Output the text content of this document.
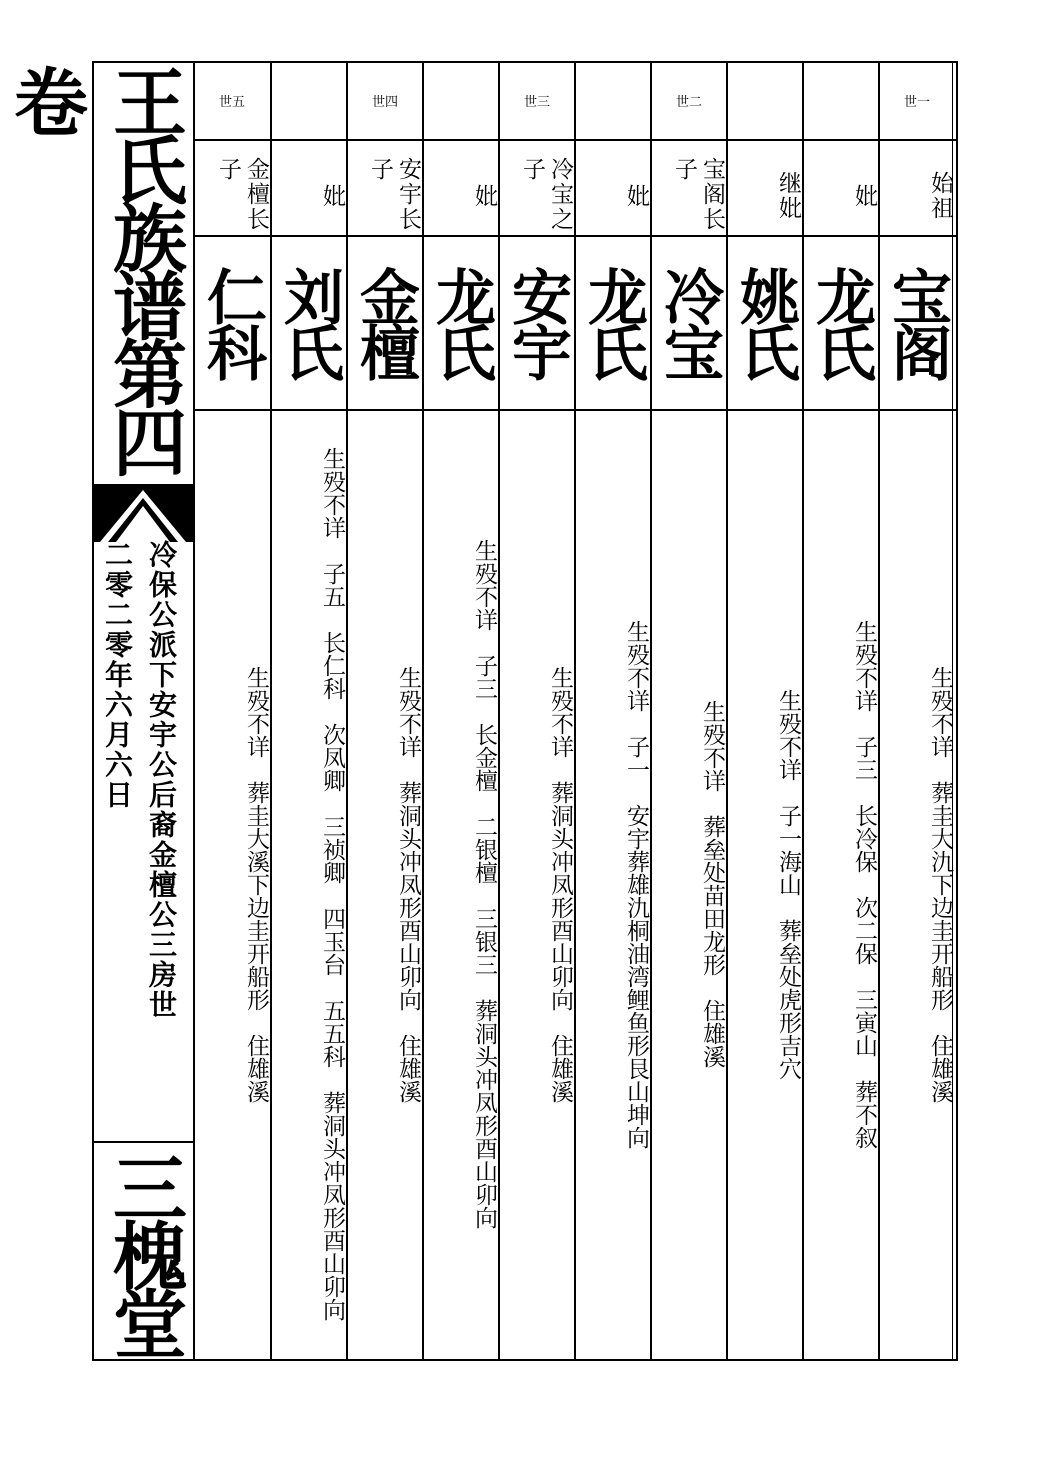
王氏族谱第四卷
冷保公派下安宇公后裔金檀公三房世
二零二零年六月六日
三槐堂
世一
始祖
宝阁
生殁不详　葬圭大氿下边圭开船形　住雄溪
妣
龙氏
生殁不详　子三　长冷保　次二保　三寅山　葬不叙
继妣
姚氏
生殁不详　子一海山　葬垒处虎形吉穴
世二
宝阁长子
冷宝
生殁不详　葬垒处苗田龙形　住雄溪
妣
龙氏
生殁不详　子一　安宇葬雄氿桐油湾鲤鱼形艮山坤向
世三
冷宝之子
安宇
生殁不详　葬洞头冲凤形酉山卯向　住雄溪
妣
龙氏
生殁不详　子三　长金檀　二银檀　三银三　葬洞头冲凤形酉山卯向
世四
安宇长子
金檀
生殁不详　葬洞头冲凤形酉山卯向　住雄溪
妣
刘氏
生殁不详　子五　长仁科　次凤卿　三祯卿　四玉台　五五科　葬洞头冲凤形酉山卯向
世五
金檀长子
仁科
生殁不详　葬圭大溪下边圭开船形　住雄溪
